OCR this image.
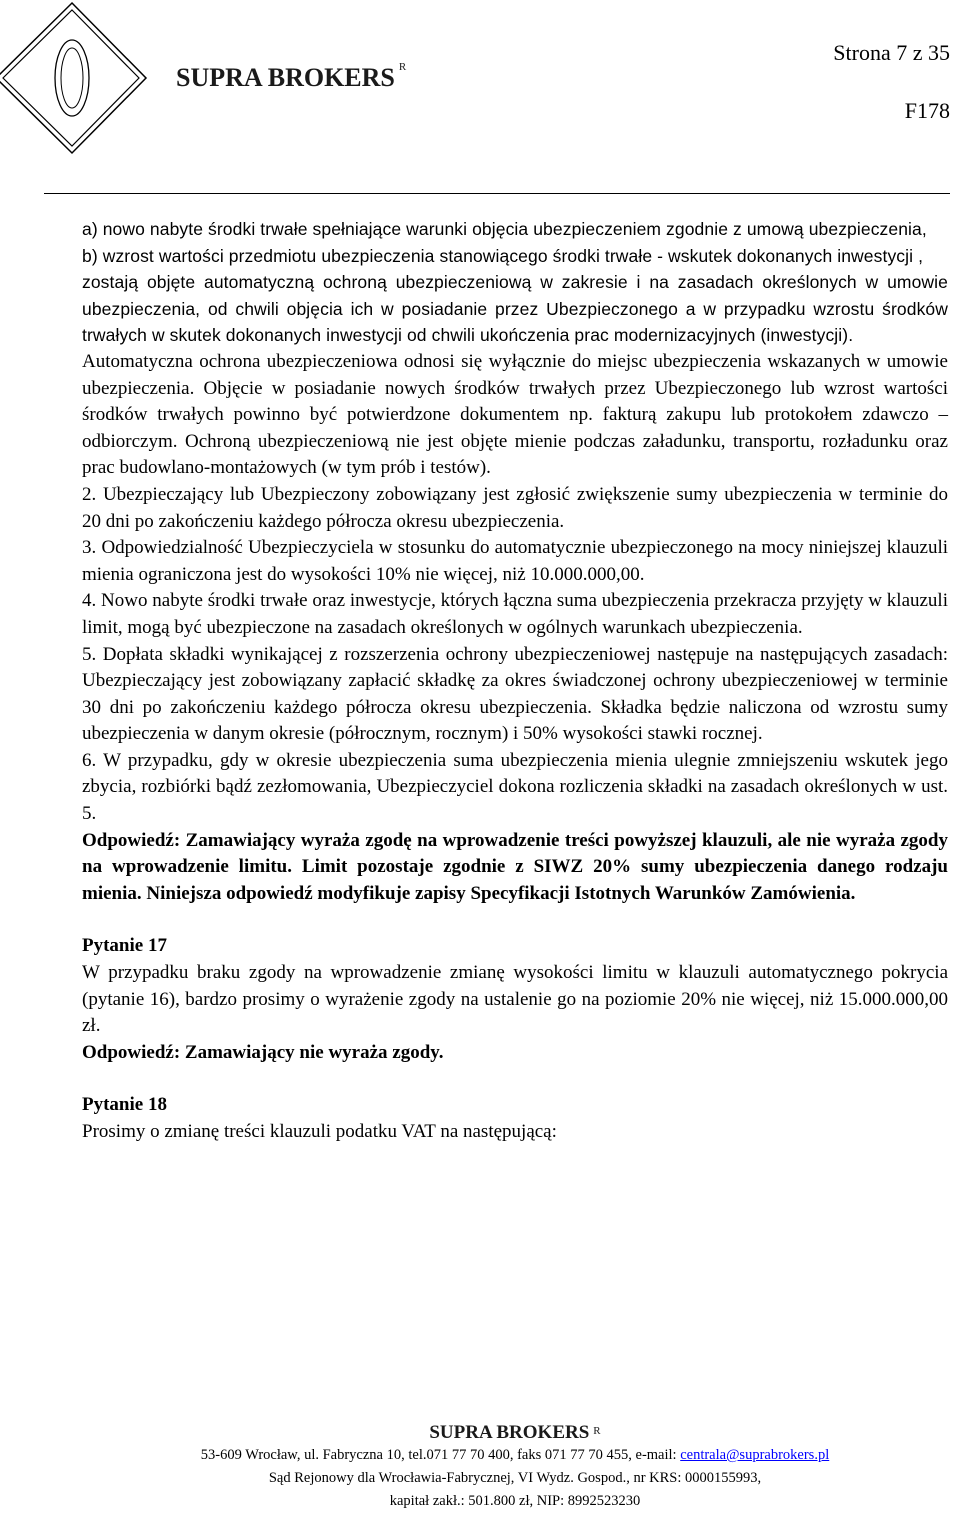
SUPRA BROKERS $^R$
Strona 7 z 35
F178

a) nowo nabyte środki trwałe spełniające warunki objęcia ubezpieczeniem zgodnie z umową ubezpieczenia,

b) wzrost wartości przedmiotu ubezpieczenia stanowiącego środki trwałe - wskutek dokonanych inwestycji ,

zostają objęte automatyczną ochroną ubezpieczeniową w zakresie i na zasadach określonych w umowie ubezpieczenia, od chwili objęcia ich w posiadanie przez Ubezpieczonego a w przypadku wzrostu środków trwałych w skutek dokonanych inwestycji od chwili ukończenia prac modernizacyjnych (inwestycji).

Automatyczna ochrona ubezpieczeniowa odnosi się wyłącznie do miejsc ubezpieczenia wskazanych w umowie ubezpieczenia. Objęcie w posiadanie nowych środków trwałych przez Ubezpieczonego lub wzrost wartości środków trwałych powinno być potwierdzone dokumentem np. fakturą zakupu lub protokołem zdawczo – odbiorczym. Ochroną ubezpieczeniową nie jest objęte mienie podczas załadunku, transportu, rozładunku oraz prac budowlano-montażowych (w tym prób i testów).

2. Ubezpieczający lub Ubezpieczony zobowiązany jest zgłosić zwiększenie sumy ubezpieczenia w terminie do 20 dni po zakończeniu każdego półrocza okresu ubezpieczenia.

3. Odpowiedzialność Ubezpieczyciela w stosunku do automatycznie ubezpieczonego na mocy niniejszej klauzuli mienia ograniczona jest do wysokości 10% nie więcej, niż 10.000.000,00.

4. Nowo nabyte środki trwałe oraz inwestycje, których łączna suma ubezpieczenia przekracza przyjęty w klauzuli limit, mogą być ubezpieczone na zasadach określonych w ogólnych warunkach ubezpieczenia.

5. Dopłata składki wynikającej z rozszerzenia ochrony ubezpieczeniowej następuje na następujących zasadach: Ubezpieczający jest zobowiązany zapłacić składkę za okres świadczonej ochrony ubezpieczeniowej w terminie 30 dni po zakończeniu każdego półrocza okresu ubezpieczenia. Składka będzie naliczona od wzrostu sumy ubezpieczenia w danym okresie (półrocznym, rocznym) i 50% wysokości stawki rocznej.

6. W przypadku, gdy w okresie ubezpieczenia suma ubezpieczenia mienia ulegnie zmniejszeniu wskutek jego zbycia, rozbiórki bądź zezłomowania, Ubezpieczyciel dokona rozliczenia składki na zasadach określonych w ust. 5.

Odpowiedź: Zamawiający wyraża zgodę na wprowadzenie treści powyższej klauzuli, ale nie wyraża zgody na wprowadzenie limitu. Limit pozostaje zgodnie z SIWZ 20% sumy ubezpieczenia danego rodzaju mienia. Niniejsza odpowiedź modyfikuje zapisy Specyfikacji Istotnych Warunków Zamówienia.

Pytanie 17

W przypadku braku zgody na wprowadzenie zmianę wysokości limitu w klauzuli automatycznego pokrycia (pytanie 16), bardzo prosimy o wyrażenie zgody na ustalenie go na poziomie 20% nie więcej, niż 15.000.000,00 zł.

Odpowiedź: Zamawiający nie wyraża zgody.

Pytanie 18

Prosimy o zmianę treści klauzuli podatku VAT na następującą:

SUPRA BROKERS $^R$
53-609 Wrocław, ul. Fabryczna 10, tel.071 77 70 400, faks 071 77 70 455, e-mail: centrala@suprabrokers.pl
Sąd Rejonowy dla Wrocławia-Fabrycznej, VI Wydz. Gospod., nr KRS: 0000155993,
kapitał zakł.: 501.800 zł, NIP: 8992523230
